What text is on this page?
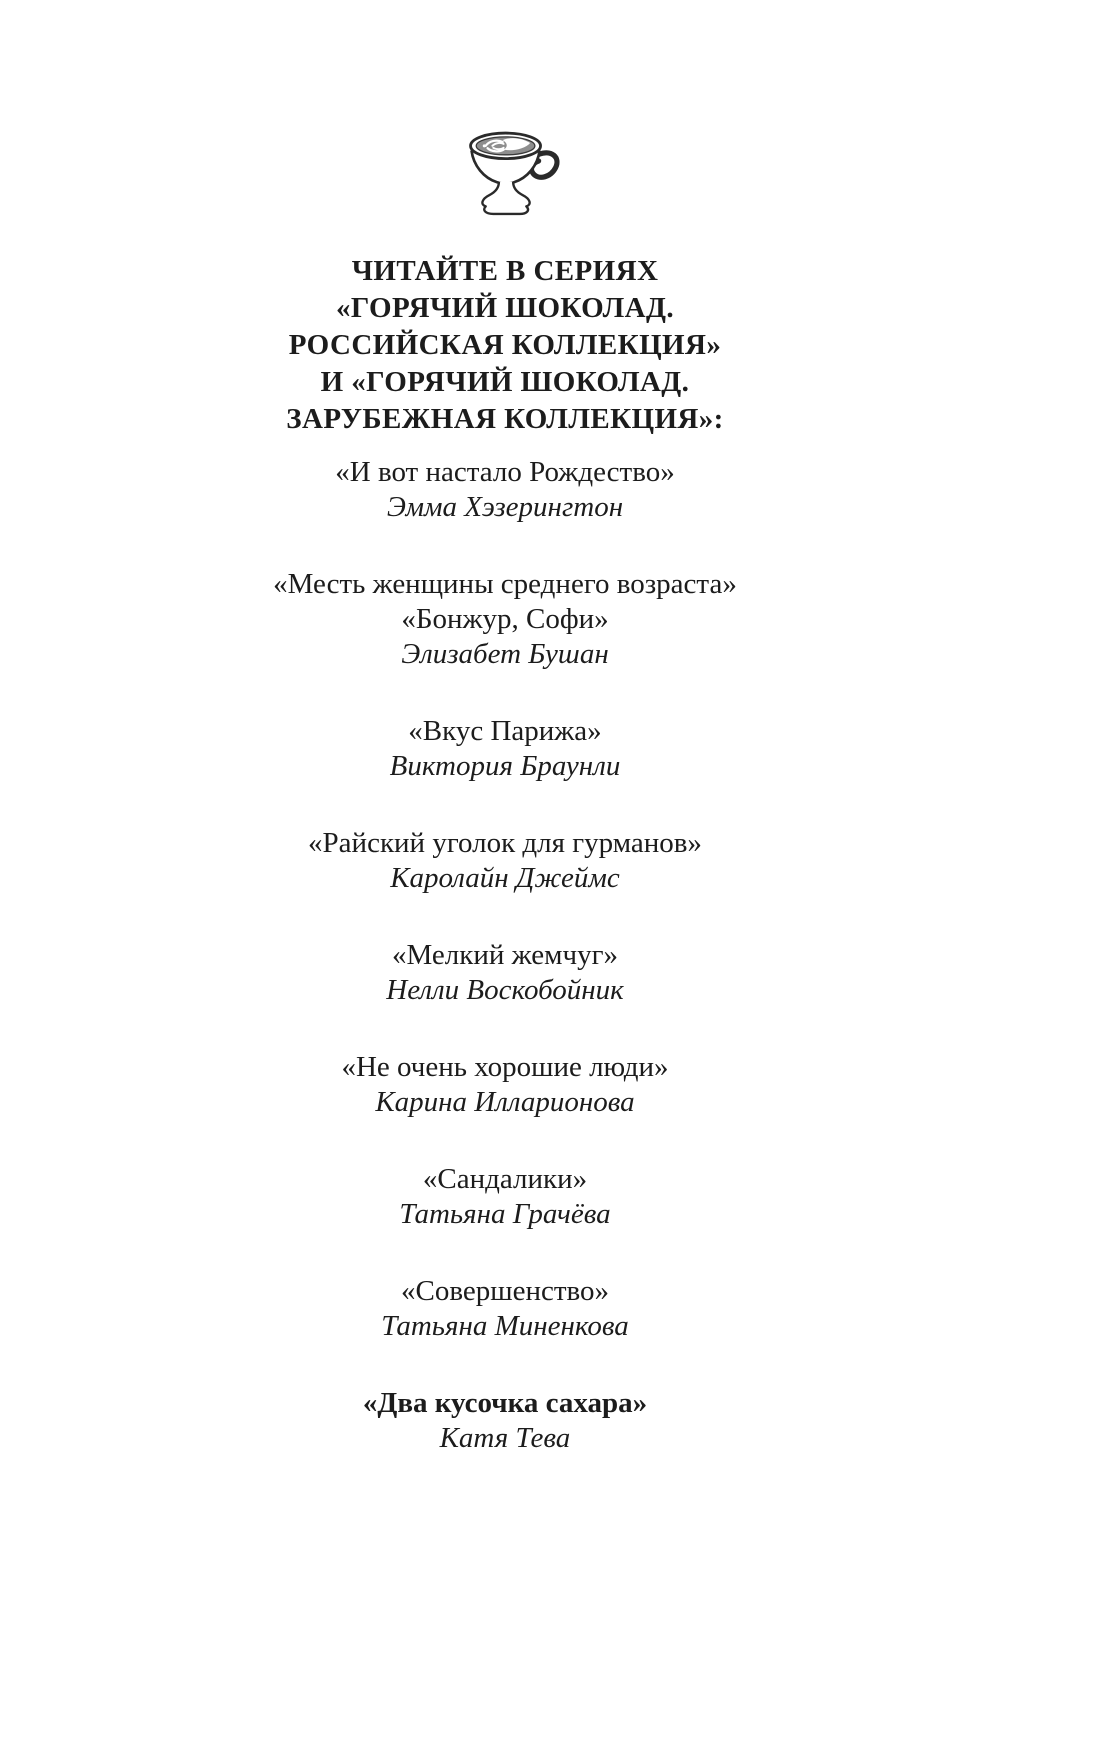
ЧИТАЙТЕ В СЕРИЯХ
«ГОРЯЧИЙ ШОКОЛАД.
РОССИЙСКАЯ КОЛЛЕКЦИЯ»
И «ГОРЯЧИЙ ШОКОЛАД.
ЗАРУБЕЖНАЯ КОЛЛЕКЦИЯ»:
«И вот настало Рождество»
Эмма Хэзерингтон
«Месть женщины среднего возраста»
«Бонжур, Софи»
Элизабет Бушан
«Вкус Парижа»
Виктория Браунли
«Райский уголок для гурманов»
Каролайн Джеймс
«Мелкий жемчуг»
Нелли Воскобойник
«Не очень хорошие люди»
Карина Илларионова
«Сандалики»
Татьяна Грачёва
«Совершенство»
Татьяна Миненкова
«Два кусочка сахара»
Катя Тева
